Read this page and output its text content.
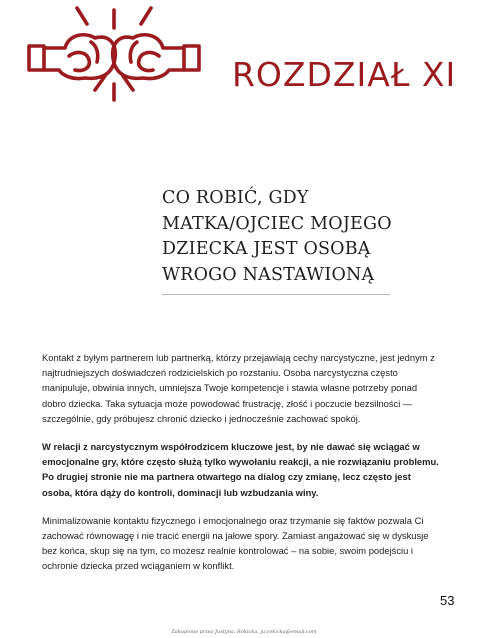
ROZDZIAŁ XI
CO ROBIĆ, GDY
MATKA/OJCIEC MOJEGO
DZIECKA JEST OSOBĄ
WROGO NASTAWIONĄ

Kontakt z byłym partnerem lub partnerką, którzy przejawiają cechy narcystyczne, jest jednym z najtrudniejszych doświadczeń rodzicielskich po rozstaniu. Osoba narcystyczna często manipuluje, obwinia innych, umniejsza Twoje kompetencje i stawia własne potrzeby ponad dobro dziecka. Taka sytuacja może powodować frustrację, złość i poczucie bezsilności — szczególnie, gdy próbujesz chronić dziecko i jednocześnie zachować spokój.

W relacji z narcystycznym współrodzicem kluczowe jest, by nie dawać się wciągać w emocjonalne gry, które często służą tylko wywołaniu reakcji, a nie rozwiązaniu problemu. Po drugiej stronie nie ma partnera otwartego na dialog czy zmianę, lecz często jest osoba, która dąży do kontroli, dominacji lub wzbudzania winy.

Minimalizowanie kontaktu fizycznego i emocjonalnego oraz trzymanie się faktów pozwala Ci zachować równowagę i nie tracić energii na jałowe spory. Zamiast angażować się w dyskusje bez końca, skup się na tym, co możesz realnie kontrolować – na sobie, swoim podejściu i ochronie dziecka przed wciąganiem w konflikt.

53
Zakupiono przez Justyna. Rokicka, ju.rokicka@email.com
